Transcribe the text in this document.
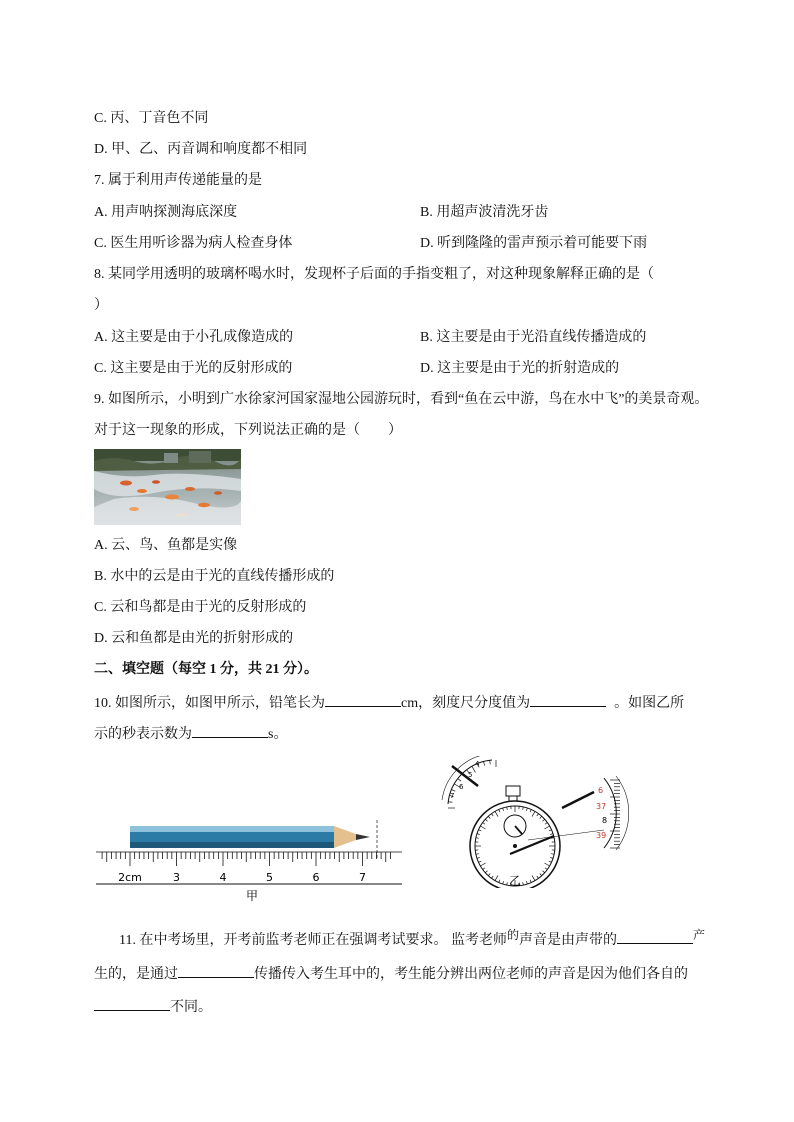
C. 丙、丁音色不同
D. 甲、乙、丙音调和响度都不相同
7. 属于利用声传递能量的是
A. 用声呐探测海底深度	B. 用超声波清洗牙齿
C. 医生用听诊器为病人检查身体	D. 听到隆隆的雷声预示着可能要下雨
8. 某同学用透明的玻璃杯喝水时，发现杯子后面的手指变粗了，对这种现象解释正确的是（
）
A. 这主要是由于小孔成像造成的	B. 这主要是由于光沿直线传播造成的
C. 这主要是由于光的反射形成的	D. 这主要是由于光的折射造成的
9. 如图所示，小明到广水徐家河国家湿地公园游玩时，看到“鱼在云中游，鸟在水中飞”的美景奇观。
对于这一现象的形成，下列说法正确的是（　　）
A. 云、鸟、鱼都是实像
B. 水中的云是由于光的直线传播形成的
C. 云和鸟都是由于光的反射形成的
D. 云和鱼都是由光的折射形成的
二、填空题（每空 1 分，共 21 分）。
10. 如图所示，如图甲所示，铅笔长为	cm，刻度尺分度值为	。如图乙所
示的秒表示数为	s。
2cm	3	4	5	6	7
甲
4
5
6
7
6
37
8
39
乙
11. 在中考场里，开考前监考老师正在强调考试要求。 监考老师的声音是由声带的	产
生的，是通过	传播传入考生耳中的，考生能分辨出两位老师的声音是因为他们各自的
不同。
